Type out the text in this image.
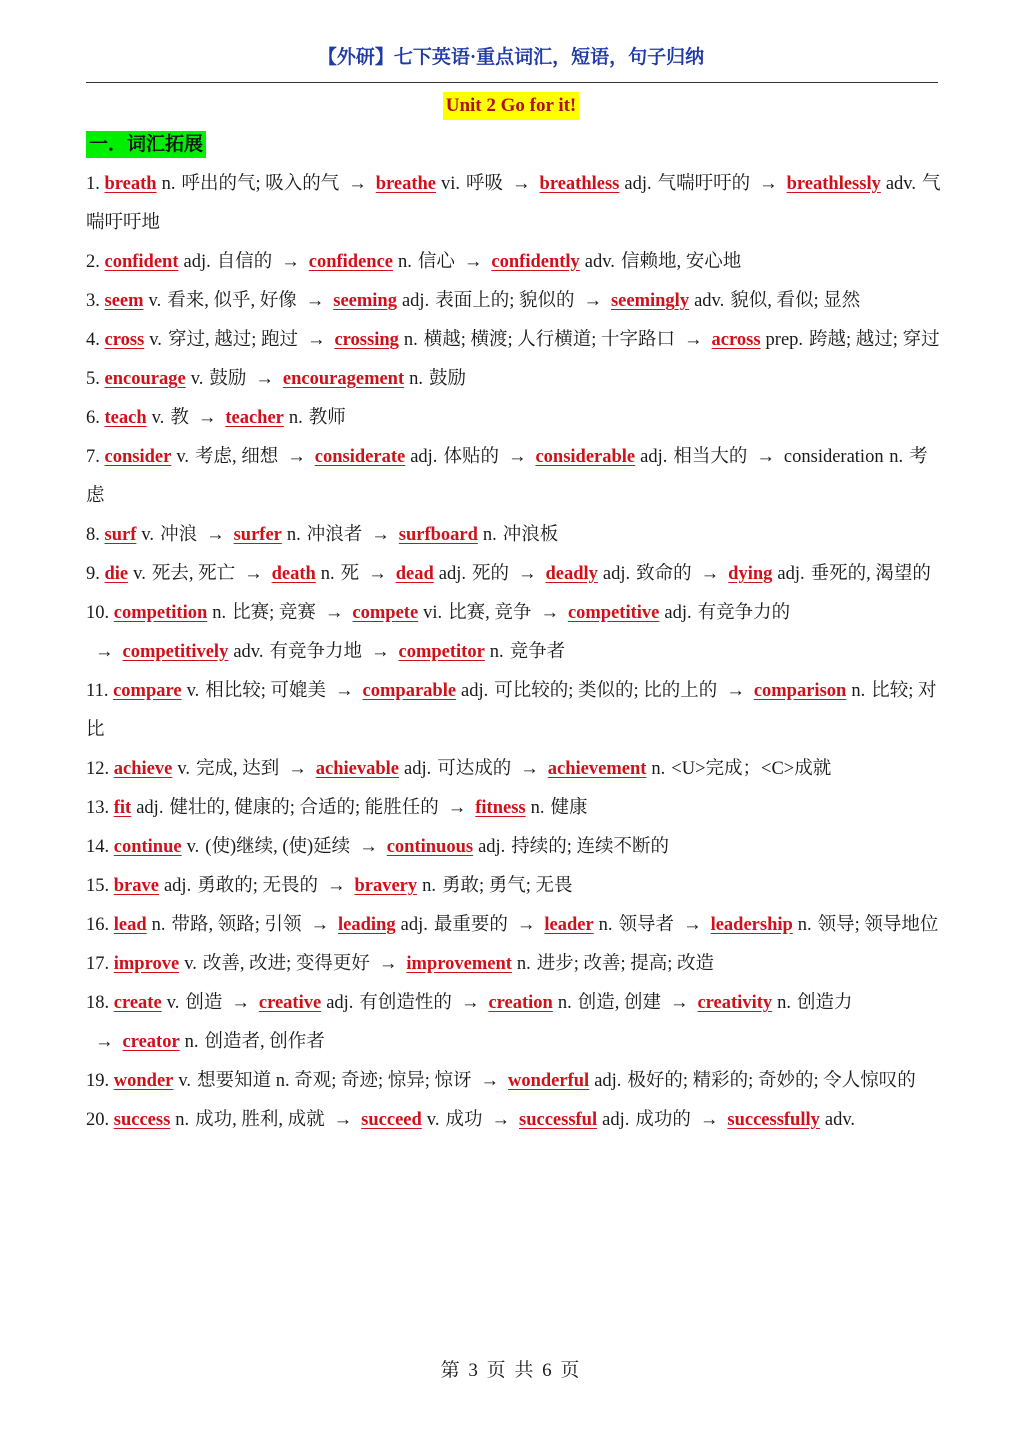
【外研】七下英语·重点词汇，短语，句子归纳
Unit 2 Go for it!
一．词汇拓展

1. breath n. 呼出的气; 吸入的气 → breathe vi. 呼吸 → breathless adj. 气喘吁吁的 → breathlessly adv. 气喘吁吁地

2. confident adj. 自信的 → confidence n. 信心 → confidently adv. 信赖地, 安心地

3. seem v. 看来, 似乎, 好像 → seeming adj. 表面上的; 貌似的 → seemingly adv. 貌似, 看似; 显然

4. cross v. 穿过, 越过; 跑过 → crossing n. 横越; 横渡; 人行横道; 十字路口 → across prep. 跨越; 越过; 穿过

5. encourage v. 鼓励 → encouragement n. 鼓励

6. teach v. 教 → teacher n. 教师

7. consider v. 考虑, 细想 → considerate adj. 体贴的 → considerable adj. 相当大的 → consideration n. 考虑

8. surf v. 冲浪 → surfer n. 冲浪者 → surfboard n. 冲浪板

9. die v. 死去, 死亡 → death n. 死 → dead adj. 死的 → deadly adj. 致命的 → dying adj. 垂死的, 渴望的

10. competition n. 比赛; 竞赛 → compete vi. 比赛, 竞争 → competitive adj. 有竞争力的→ competitively adv. 有竞争力地 → competitor n. 竞争者

11. compare v. 相比较; 可媲美 → comparable adj. 可比较的; 类似的; 比的上的 → comparison n. 比较; 对比

12. achieve v. 完成, 达到 → achievable adj. 可达成的 → achievement n. <U>完成；<C>成就

13. fit adj. 健壮的, 健康的; 合适的; 能胜任的 → fitness n. 健康

14. continue v. (使)继续, (使)延续 → continuous adj. 持续的; 连续不断的

15. brave adj. 勇敢的; 无畏的 → bravery n. 勇敢; 勇气; 无畏

16. lead n. 带路, 领路; 引领 → leading adj. 最重要的 → leader n. 领导者 → leadership n. 领导; 领导地位

17. improve v. 改善, 改进; 变得更好 → improvement n. 进步; 改善; 提高; 改造

18. create v. 创造 → creative adj. 有创造性的 → creation n. 创造, 创建 → creativity n. 创造力→ creator n. 创造者, 创作者

19. wonder v. 想要知道 n. 奇观; 奇迹; 惊异; 惊讶 → wonderful adj. 极好的; 精彩的; 奇妙的; 令人惊叹的

20. success n. 成功, 胜利, 成就 → succeed v. 成功 → successful adj. 成功的 → successfully adv.

第 3 页 共 6 页
